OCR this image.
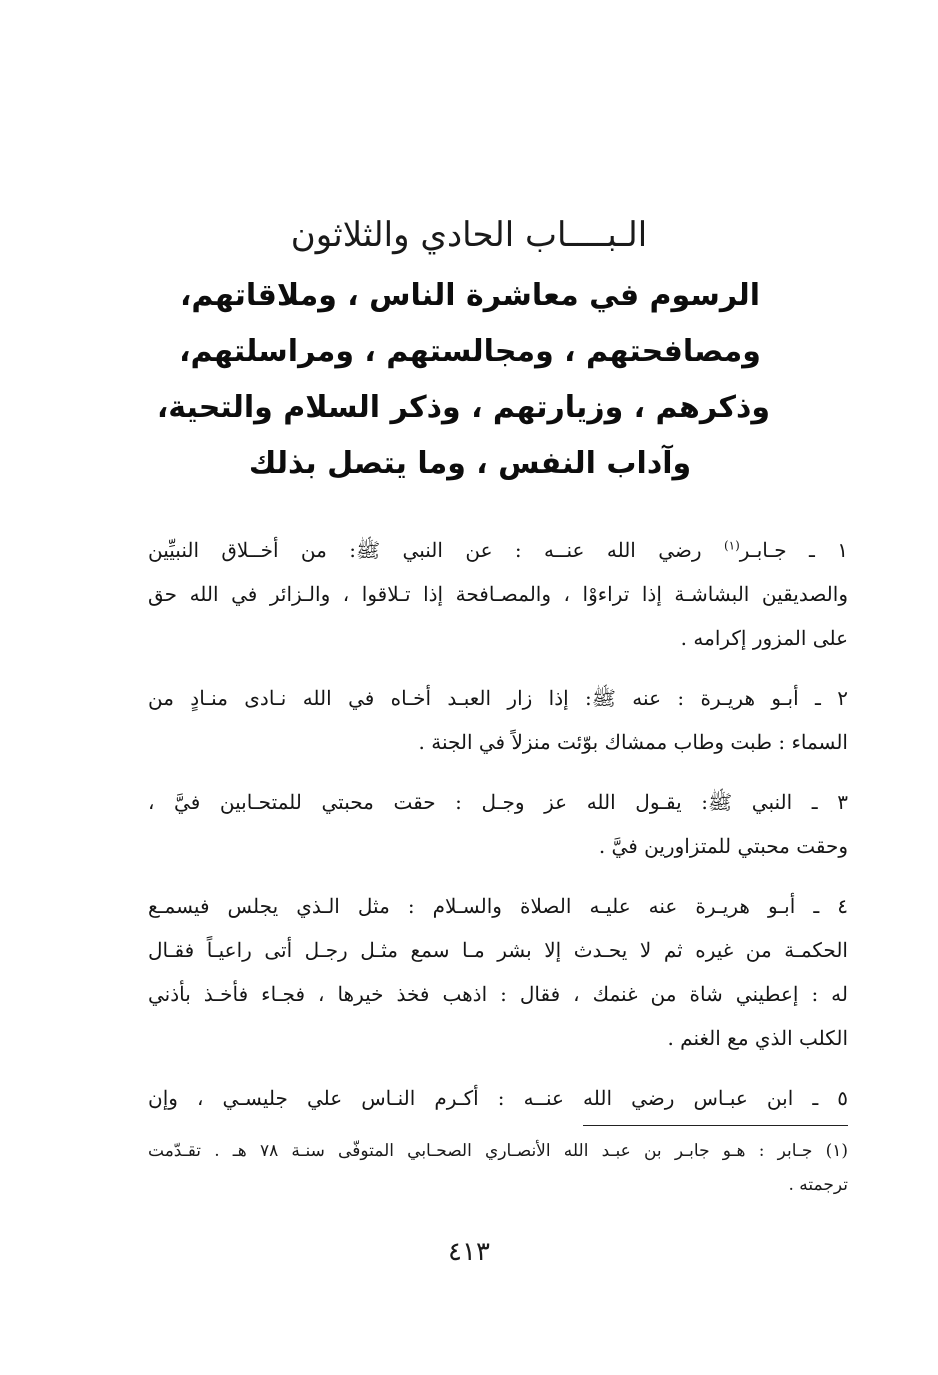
الـبــــاب الحادي والثلاثون
الرسوم في معاشرة الناس ، وملاقاتهم،
ومصافحتهم ، ومجالستهم ، ومراسلتهم،
وذكرهم ، وزيارتهم ، وذكر السلام والتحية،
وآداب النفس ، وما يتصل بذلك
١ ـ جـابـر$^{(١)}$ رضي الله عنــه : عن النبي ﷺ: من أخــلاق النبيِّين
والصديقين البشاشـة إذا تراءوْا ، والمصـافحة إذا تـلاقوا ، والـزائر في الله حق
على المزور إكرامه .
٢ ـ أبـو هريـرة : عنه ﷺ: إذا زار العبـد أخـاه في الله نـادى منـادٍ من
السماء : طبت وطاب ممشاك بوّئت منزلاً في الجنة .
٣ ـ النبي ﷺ: يقـول الله عز وجـل : حقت محبتي للمتحـابين فيَّ ،
وحقت محبتي للمتزاورين فيَّ .
٤ ـ أبـو هريـرة عنه عليـه الصلاة والسـلام : مثل الـذي يجلس فيسمـع
الحكمـة من غيره ثم لا يحـدث إلا بشر مـا سمع مثـل رجـل أتى راعيـاً فقـال
له : إعطيني شاة من غنمك ، فقال : اذهب فخذ خيرها ، فجـاء فأخـذ بأذني
الكلب الذي مع الغنم .
٥ ـ ابن عبـاس رضي الله عنــه : أكـرم النـاس علي جليسـي ، وإن
(١) جـابر : هـو جابـر بن عبـد الله الأنصـاري الصحـابي المتوفّى سنـة ٧٨ هـ . تقـدّمت
ترجمته .
٤١٣
